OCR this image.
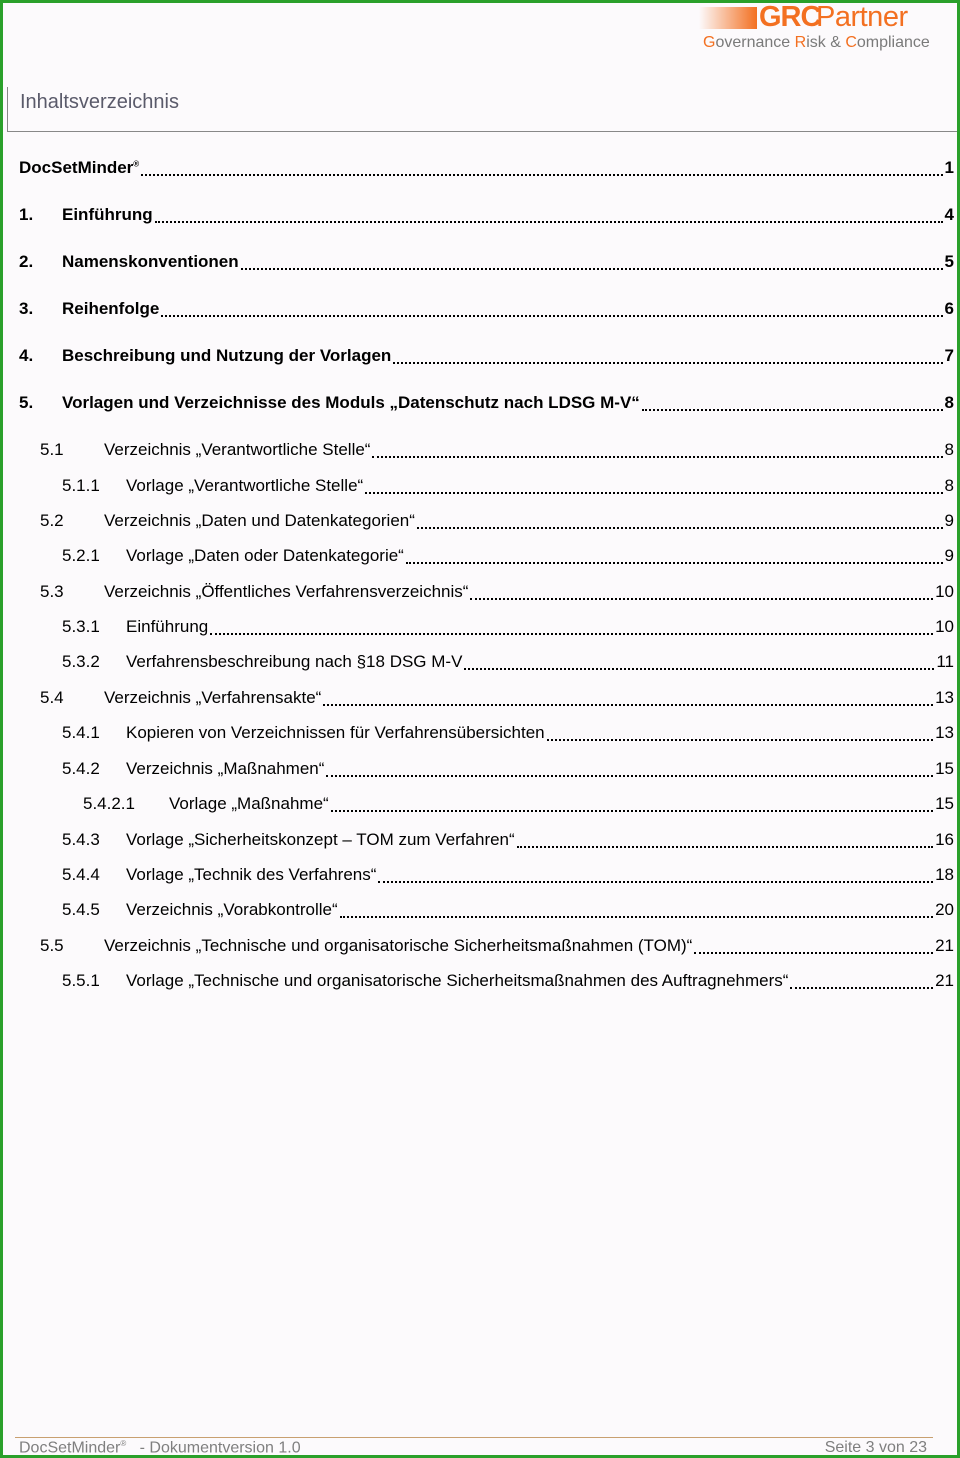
GRC
Partner
Governance Risk & Compliance
Inhaltsverzeichnis
DocSetMinder®	1
1.	Einführung	4
2.	Namenskonventionen	5
3.	Reihenfolge	6
4.	Beschreibung und Nutzung der Vorlagen	7
5.	Vorlagen und Verzeichnisse des Moduls „Datenschutz nach LDSG M-V“	8
5.1	Verzeichnis „Verantwortliche Stelle“	8
5.1.1	Vorlage „Verantwortliche Stelle“	8
5.2	Verzeichnis „Daten und Datenkategorien“	9
5.2.1	Vorlage „Daten oder Datenkategorie“	9
5.3	Verzeichnis „Öffentliches Verfahrensverzeichnis“	10
5.3.1	Einführung	10
5.3.2	Verfahrensbeschreibung nach §18 DSG M-V	11
5.4	Verzeichnis „Verfahrensakte“	13
5.4.1	Kopieren von Verzeichnissen für Verfahrensübersichten	13
5.4.2	Verzeichnis „Maßnahmen“	15
5.4.2.1	Vorlage „Maßnahme“	15
5.4.3	Vorlage „Sicherheitskonzept – TOM zum Verfahren“	16
5.4.4	Vorlage „Technik des Verfahrens“	18
5.4.5	Verzeichnis „Vorabkontrolle“	20
5.5	Verzeichnis „Technische und organisatorische Sicherheitsmaßnahmen (TOM)“	21
5.5.1	Vorlage „Technische und organisatorische Sicherheitsmaßnahmen des Auftragnehmers“	21
DocSetMinder® - Dokumentversion 1.0	Seite 3 von 23
